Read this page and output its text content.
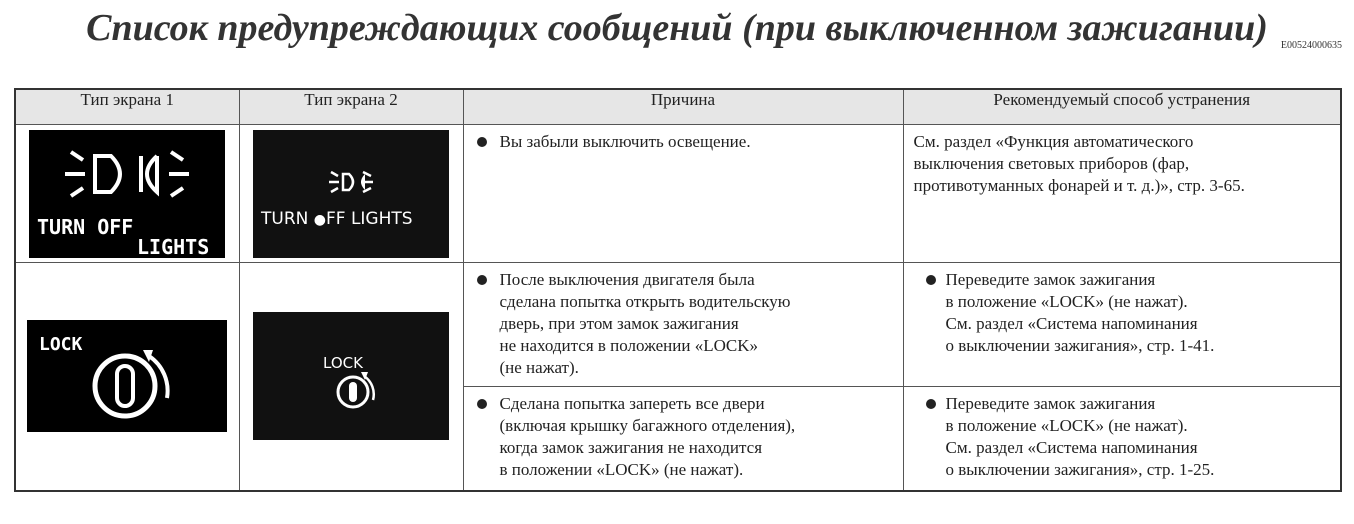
Список предупреждающих сообщений (при выключенном зажигании)	E00524000635
Тип экрана 1	Тип экрана 2	Причина	Рекомендуемый способ устранения

TURN OFF
LIGHTS	TURN ●FF LIGHTS	Вы забыли выключить освещение.	См. раздел «Функция автоматического
выключения световых приборов (фар,
противотуманных фонарей и т. д.)», стр. 3-65.

LOCK	LOCK	После выключения двигателя была
сделана попытка открыть водительскую
дверь, при этом замок зажигания
не находится в положении «LOCK»
(не нажат).	Переведите замок зажигания
в положение «LOCK» (не нажат).
См. раздел «Система напоминания
о выключении зажигания», стр. 1-41.

		Сделана попытка запереть все двери
(включая крышку багажного отделения),
когда замок зажигания не находится
в положении «LOCK» (не нажат).	Переведите замок зажигания
в положение «LOCK» (не нажат).
См. раздел «Система напоминания
о выключении зажигания», стр. 1-25.
